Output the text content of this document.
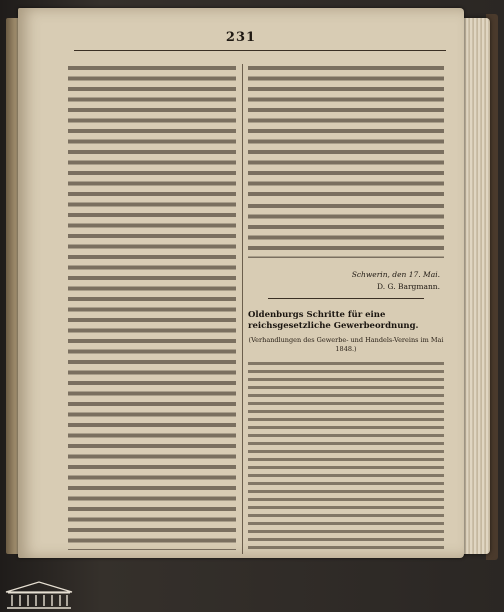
231
Schwerin, den 17. Mai.
D. G. Bargmann.
Oldenburgs Schritte für eine reichsgesetzliche Gewerbeordnung.
(Verhandlungen des Gewerbe- und Handels-Vereins im Mai 1848.)
